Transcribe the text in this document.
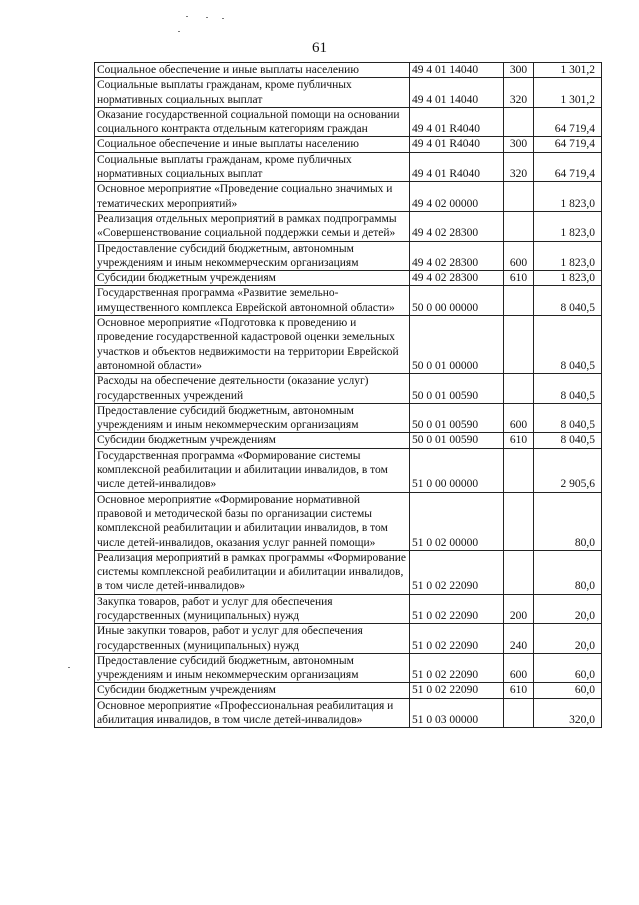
61
Социальное обеспечение и иные выплаты населению	49 4 01 14040	300	1 301,2
Социальные выплаты гражданам, кроме публичных нормативных социальных выплат	49 4 01 14040	320	1 301,2
Оказание государственной социальной помощи на основании социального контракта отдельным категориям граждан	49 4 01 R4040		64 719,4
Социальное обеспечение и иные выплаты населению	49 4 01 R4040	300	64 719,4
Социальные выплаты гражданам, кроме публичных нормативных социальных выплат	49 4 01 R4040	320	64 719,4
Основное мероприятие «Проведение социально значимых и тематических мероприятий»	49 4 02 00000		1 823,0
Реализация отдельных мероприятий в рамках подпрограммы «Совершенствование социальной поддержки семьи и детей»	49 4 02 28300		1 823,0
Предоставление субсидий бюджетным, автономным учреждениям и иным некоммерческим организациям	49 4 02 28300	600	1 823,0
Субсидии бюджетным учреждениям	49 4 02 28300	610	1 823,0
Государственная программа «Развитие земельно-имущественного комплекса Еврейской автономной области»	50 0 00 00000		8 040,5
Основное мероприятие «Подготовка к проведению и проведение государственной кадастровой оценки земельных участков и объектов недвижимости на территории Еврейской автономной области»	50 0 01 00000		8 040,5
Расходы на обеспечение деятельности (оказание услуг) государственных учреждений	50 0 01 00590		8 040,5
Предоставление субсидий бюджетным, автономным учреждениям и иным некоммерческим организациям	50 0 01 00590	600	8 040,5
Субсидии бюджетным учреждениям	50 0 01 00590	610	8 040,5
Государственная программа «Формирование системы комплексной реабилитации и абилитации инвалидов, в том числе детей-инвалидов»	51 0 00 00000		2 905,6
Основное мероприятие «Формирование нормативной правовой и методической базы по организации системы комплексной реабилитации и абилитации инвалидов, в том числе детей-инвалидов, оказания услуг ранней помощи»	51 0 02 00000		80,0
Реализация мероприятий в рамках программы «Формирование системы комплексной реабилитации и абилитации инвалидов, в том числе детей-инвалидов»	51 0 02 22090		80,0
Закупка товаров, работ и услуг для обеспечения государственных (муниципальных) нужд	51 0 02 22090	200	20,0
Иные закупки товаров, работ и услуг для обеспечения государственных (муниципальных) нужд	51 0 02 22090	240	20,0
Предоставление субсидий бюджетным, автономным учреждениям и иным некоммерческим организациям	51 0 02 22090	600	60,0
Субсидии бюджетным учреждениям	51 0 02 22090	610	60,0
Основное мероприятие «Профессиональная реабилитация и абилитация инвалидов, в том числе детей-инвалидов»	51 0 03 00000		320,0
